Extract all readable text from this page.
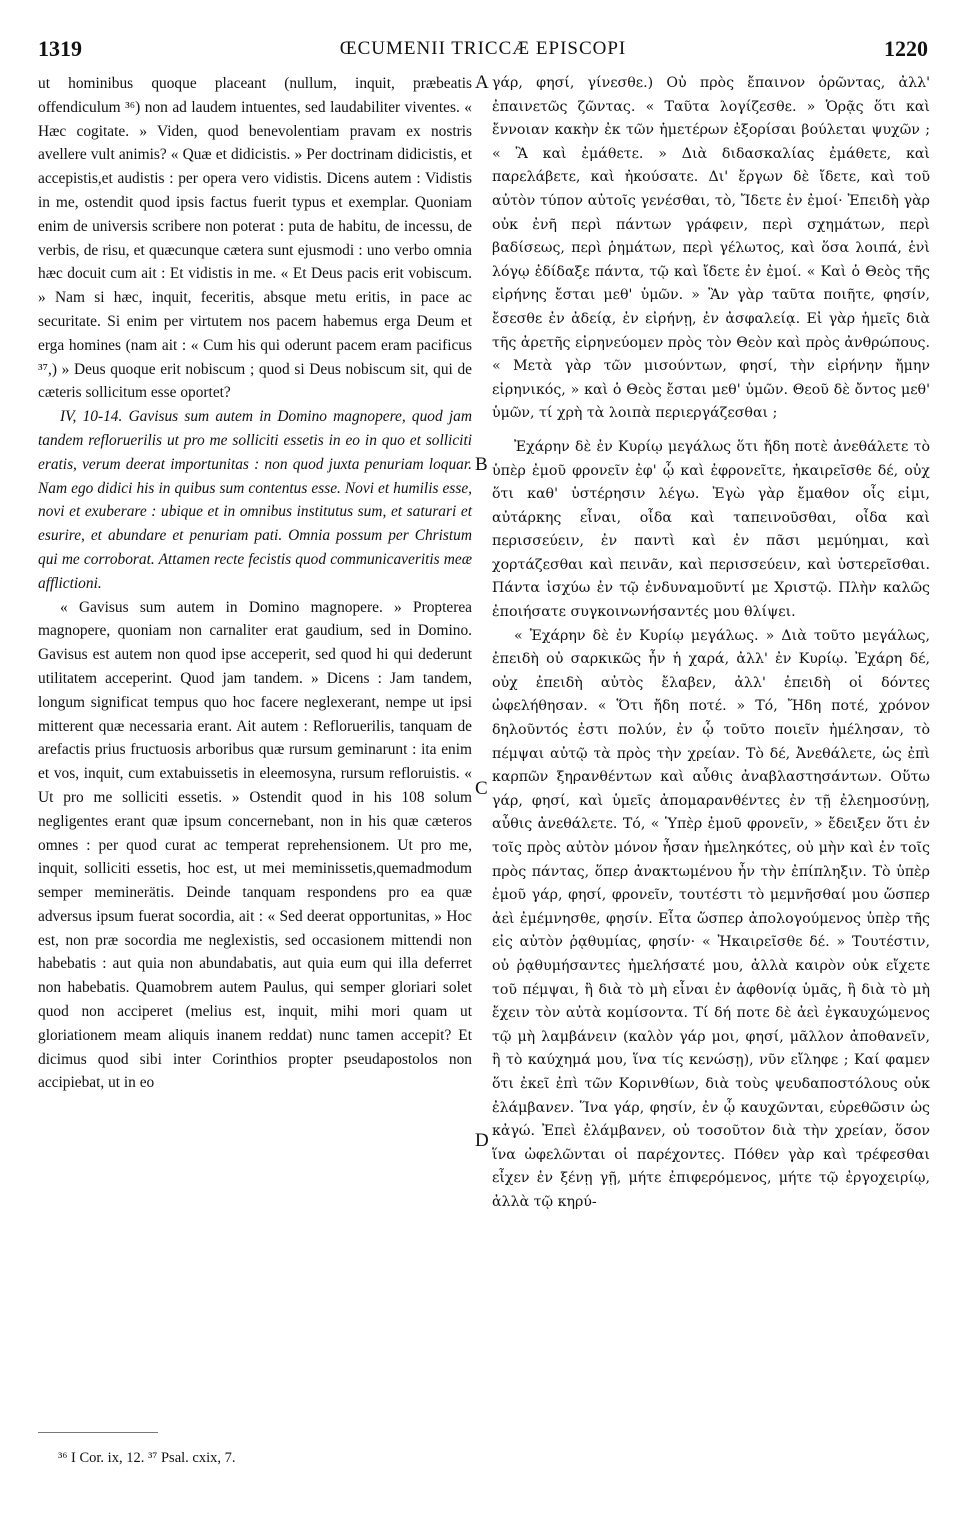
1319	ŒCUMENII TRICCÆ EPISCOPI	1220

ut hominibus quoque placeant (nullum, inquit, præbeatis offendiculum ³⁶) non ad laudem intuentes, sed laudabiliter viventes. « Hæc cogitate. » Viden, quod benevolentiam pravam ex nostris avellere vult animis? « Quæ et didicistis. » Per doctrinam didicistis, et accepistis,et audistis : per opera vero vidistis. Dicens autem : Vidistis in me, ostendit quod ipsis factus fuerit typus et exemplar. Quoniam enim de universis scribere non poterat : puta de habitu, de incessu, de verbis, de risu, et quæcunque cætera sunt ejusmodi : uno verbo omnia hæc docuit cum ait : Et vidistis in me. « Et Deus pacis erit vobiscum. » Nam si hæc, inquit, feceritis, absque metu eritis, in pace ac securitate. Si enim per virtutem nos pacem habemus erga Deum et erga homines (nam ait : « Cum his qui oderunt pacem eram pacificus ³⁷,) » Deus quoque erit nobiscum ; quod si Deus nobiscum sit, qui de cæteris sollicitum esse oportet?

IV, 10-14. Gavisus sum autem in Domino magnopere, quod jam tandem refloruerilis ut pro me solliciti essetis in eo in quo et solliciti eratis, verum deerat importunitas : non quod juxta penuriam loquar. Nam ego didici his in quibus sum contentus esse. Novi et humilis esse, novi et exuberare : ubique et in omnibus institutus sum, et saturari et esurire, et abundare et penuriam pati. Omnia possum per Christum qui me corroborat. Attamen recte fecistis quod communicaveritis meæ afflictioni.

« Gavisus sum autem in Domino magnopere. » Propterea magnopere, quoniam non carnaliter erat gaudium, sed in Domino. Gavisus est autem non quod ipse acceperit, sed quod hi qui dederunt utilitatem acceperint. Quod jam tandem. » Dicens : Jam tandem, longum significat tempus quo hoc facere neglexerant, nempe ut ipsi mitterent quæ necessaria erant. Ait autem : Refloruerilis, tanquam de arefactis prius fructuosis arboribus quæ rursum geminarunt : ita enim et vos, inquit, cum extabuissetis in eleemosyna, rursum refloruistis. « Ut pro me solliciti essetis. » Ostendit quod in his 108 solum negligentes erant quæ ipsum concernebant, non in his quæ cæteros omnes : per quod curat ac temperat reprehensionem. Ut pro me, inquit, solliciti essetis, hoc est, ut mei meminissetis,quemadmodum semper meminerätis. Deinde tanquam respondens pro ea quæ adversus ipsum fuerat socordia, ait : « Sed deerat opportunitas, » Hoc est, non præ socordia me neglexistis, sed occasionem mittendi non habebatis : aut quia non abundabatis, aut quia eum qui illa deferret non habebatis. Quamobrem autem Paulus, qui semper gloriari solet quod non acciperet (melius est, inquit, mihi mori quam ut gloriationem meam aliquis inanem reddat) nunc tamen accepit? Et dicimus quod sibi inter Corinthios propter pseudapostolos non accipiebat, ut in eo

γάρ, φησί, γίνεσθε.) Οὐ πρὸς ἔπαινον ὁρῶντας, ἀλλ' ἐπαινετῶς ζῶντας. « Ταῦτα λογίζεσθε. » Ὁρᾷς ὅτι καὶ ἔννοιαν κακὴν ἐκ τῶν ἡμετέρων ἐξορίσαι βούλεται ψυχῶν ; « Ἃ καὶ ἐμάθετε. » Διὰ διδασκαλίας ἐμάθετε, καὶ παρελάβετε, καὶ ἠκούσατε. Δι' ἔργων δὲ ἴδετε, καὶ τοῦ αὐτὸν τύπον αὐτοῖς γενέσθαι, τὸ, Ἴδετε ἐν ἐμοί· Ἐπειδὴ γὰρ οὐκ ἐνῆ περὶ πάντων γράφειν, περὶ σχημάτων, περὶ βαδίσεως, περὶ ῥημάτων, περὶ γέλωτος, καὶ ὅσα λοιπά, ἑνὶ λόγῳ ἐδίδαξε πάντα, τῷ καὶ ἴδετε ἐν ἐμοί. « Καὶ ὁ Θεὸς τῆς εἰρήνης ἔσται μεθ' ὑμῶν. » Ἂν γὰρ ταῦτα ποιῆτε, φησίν, ἔσεσθε ἐν ἀδείᾳ, ἐν εἰρήνῃ, ἐν ἀσφαλείᾳ. Εἰ γὰρ ἡμεῖς διὰ τῆς ἀρετῆς εἰρηνεύομεν πρὸς τὸν Θεὸν καὶ πρὸς ἀνθρώπους. « Μετὰ γὰρ τῶν μισούντων, φησί, τὴν εἰρήνην ἤμην εἰρηνικός, » καὶ ὁ Θεὸς ἔσται μεθ' ὑμῶν. Θεοῦ δὲ ὄντος μεθ' ὑμῶν, τί χρὴ τὰ λοιπὰ περιεργάζεσθαι ;

Ἐχάρην δὲ ἐν Κυρίῳ μεγάλως ὅτι ἤδη ποτὲ ἀνεθάλετε τὸ ὑπὲρ ἐμοῦ φρονεῖν ἐφ' ᾧ καὶ ἐφρονεῖτε, ἠκαιρεῖσθε δέ, οὐχ ὅτι καθ' ὑστέρησιν λέγω. Ἐγὼ γὰρ ἔμαθον οἷς εἰμι, αὐτάρκης εἶναι, οἶδα καὶ ταπεινοῦσθαι, οἶδα καὶ περισσεύειν, ἐν παντὶ καὶ ἐν πᾶσι μεμύημαι, καὶ χορτάζεσθαι καὶ πεινᾶν, καὶ περισσεύειν, καὶ ὑστερεῖσθαι. Πάντα ἰσχύω ἐν τῷ ἐνδυναμοῦντί με Χριστῷ. Πλὴν καλῶς ἐποιήσατε συγκοινωνήσαντές μου θλίψει.

« Ἐχάρην δὲ ἐν Κυρίῳ μεγάλως. » Διὰ τοῦτο μεγάλως, ἐπειδὴ οὐ σαρκικῶς ἦν ἡ χαρά, ἀλλ' ἐν Κυρίῳ. Ἐχάρη δέ, οὐχ ἐπειδὴ αὐτὸς ἔλαβεν, ἀλλ' ἐπειδὴ οἱ δόντες ὠφελήθησαν. « Ὅτι ἤδη ποτέ. » Τό, Ἤδη ποτέ, χρόνον δηλοῦντός ἐστι πολύν, ἐν ᾧ τοῦτο ποιεῖν ἠμέλησαν, τὸ πέμψαι αὐτῷ τὰ πρὸς τὴν χρείαν. Τὸ δέ, Ἀνεθάλετε, ὡς ἐπὶ καρπῶν ξηρανθέντων καὶ αὖθις ἀναβλαστησάντων. Οὕτω γάρ, φησί, καὶ ὑμεῖς ἀπομαρανθέντες ἐν τῇ ἐλεημοσύνῃ, αὖθις ἀνεθάλετε. Τό, « Ὑπὲρ ἐμοῦ φρονεῖν, » ἔδειξεν ὅτι ἐν τοῖς πρὸς αὐτὸν μόνον ἦσαν ἠμεληκότες, οὐ μὴν καὶ ἐν τοῖς πρὸς πάντας, ὅπερ ἀνακτωμένου ἦν τὴν ἐπίπληξιν. Τὸ ὑπὲρ ἐμοῦ γάρ, φησί, φρονεῖν, τουτέστι τὸ μεμνῆσθαί μου ὥσπερ ἀεὶ ἐμέμνησθε, φησίν. Εἶτα ὥσπερ ἀπολογούμενος ὑπὲρ τῆς εἰς αὐτὸν ῥᾳθυμίας, φησίν· « Ἠκαιρεῖσθε δέ. » Τουτέστιν, οὐ ῥᾳθυμήσαντες ἠμελήσατέ μου, ἀλλὰ καιρὸν οὐκ εἴχετε τοῦ πέμψαι, ἢ διὰ τὸ μὴ εἶναι ἐν ἀφθονίᾳ ὑμᾶς, ἢ διὰ τὸ μὴ ἔχειν τὸν αὐτὰ κομίσοντα. Τί δή ποτε δὲ ἀεὶ ἐγκαυχώμενος τῷ μὴ λαμβάνειν (καλὸν γάρ μοι, φησί, μᾶλλον ἀποθανεῖν, ἢ τὸ καύχημά μου, ἵνα τίς κενώσῃ), νῦν εἴληφε ; Καί φαμεν ὅτι ἐκεῖ ἐπὶ τῶν Κορινθίων, διὰ τοὺς ψευδαποστόλους οὐκ ἐλάμβανεν. Ἵνα γάρ, φησίν, ἐν ᾧ καυχῶνται, εὑρεθῶσιν ὡς κἀγώ. Ἐπεὶ ἐλάμβανεν, οὐ τοσοῦτον διὰ τὴν χρείαν, ὅσον ἵνα ὠφελῶνται οἱ παρέχοντες. Πόθεν γὰρ καὶ τρέφεσθαι εἶχεν ἐν ξένῃ γῇ, μήτε ἐπιφερόμενος, μήτε τῷ ἐργοχειρίῳ, ἀλλὰ τῷ κηρύ-

A
B
C
D
³⁶ I Cor. ix, 12. ³⁷ Psal. cxix, 7.
